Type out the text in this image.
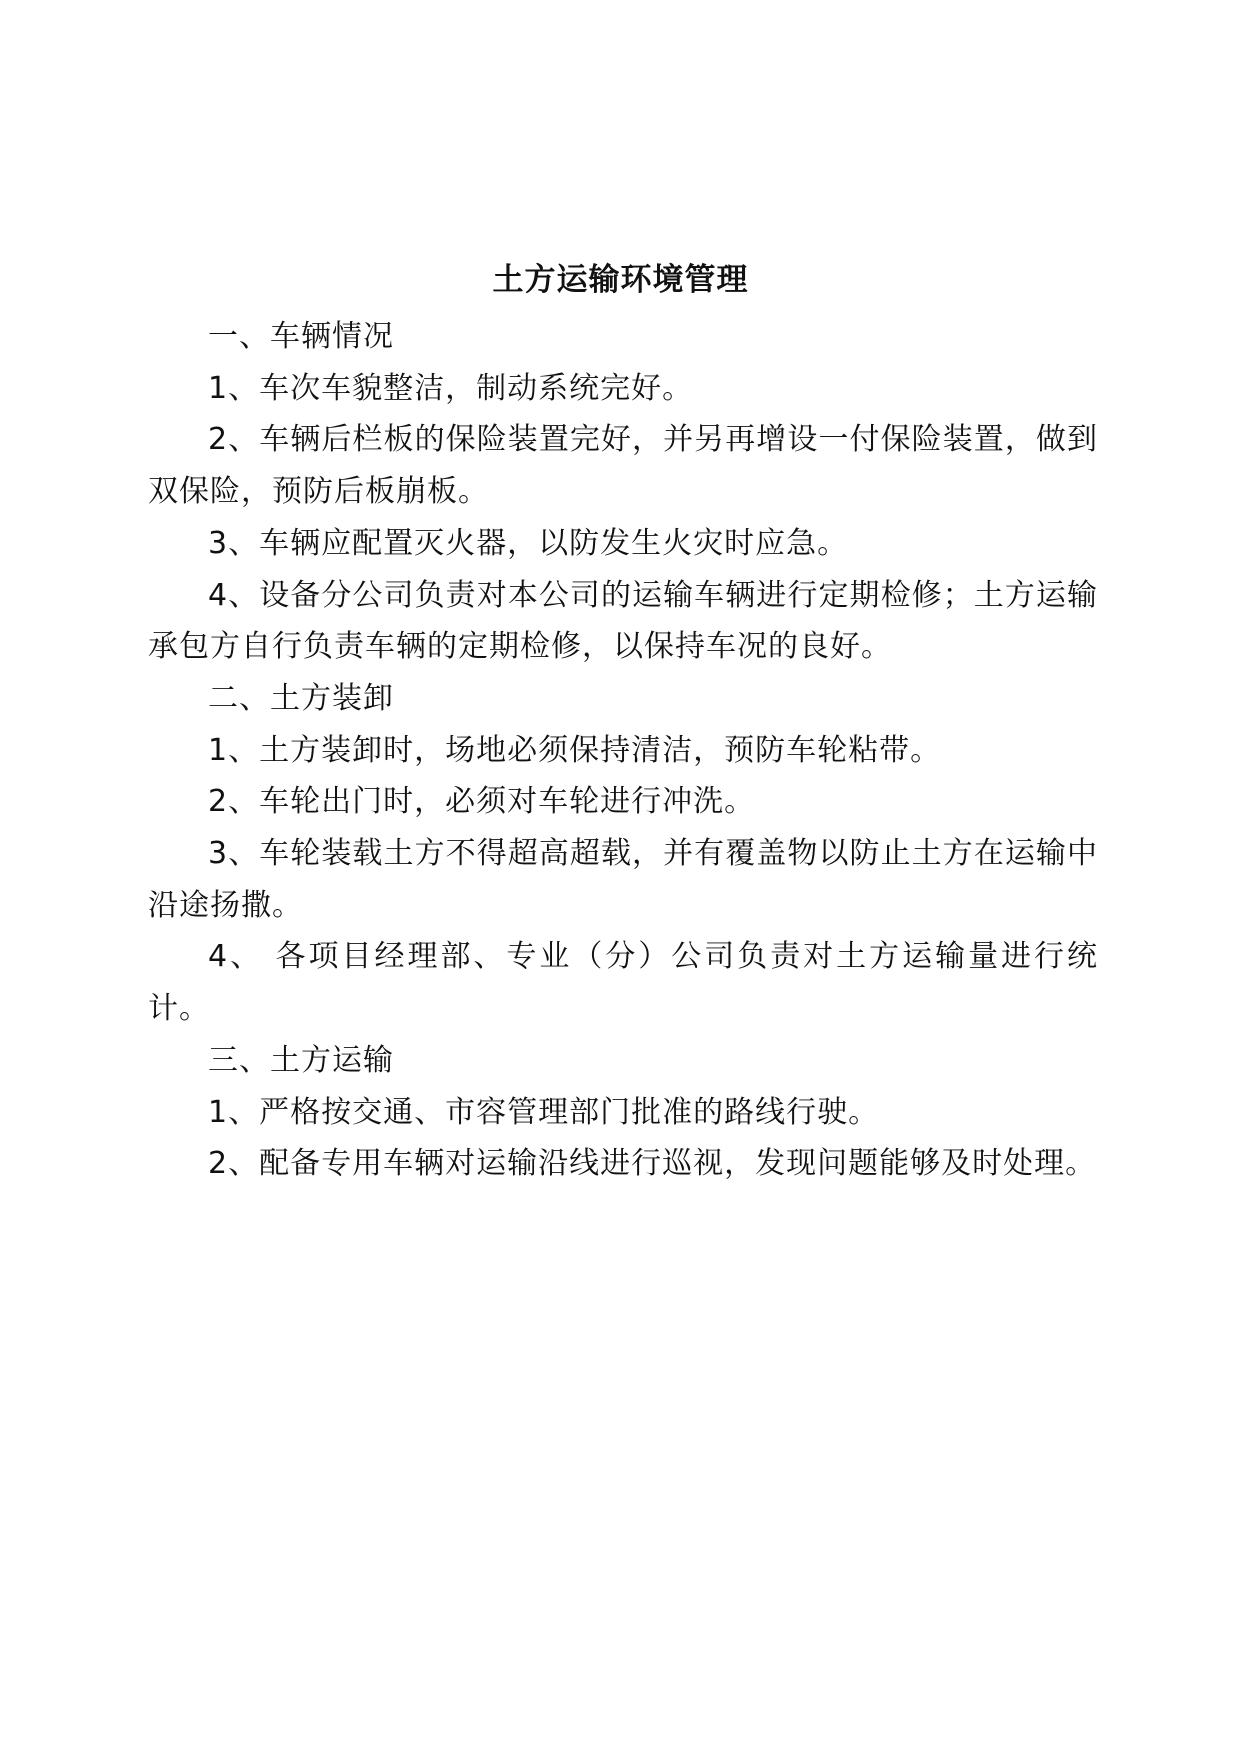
土方运输环境管理

一、车辆情况

1、车次车貌整洁，制动系统完好。

2、车辆后栏板的保险装置完好，并另再增设一付保险装置，做到双保险，预防后板崩板。

3、车辆应配置灭火器，以防发生火灾时应急。

4、设备分公司负责对本公司的运输车辆进行定期检修；土方运输承包方自行负责车辆的定期检修，以保持车况的良好。

二、土方装卸

1、土方装卸时，场地必须保持清洁，预防车轮粘带。

2、车轮出门时，必须对车轮进行冲洗。

3、车轮装载土方不得超高超载，并有覆盖物以防止土方在运输中沿途扬撒。

4、 各项目经理部、专业（分）公司负责对土方运输量进行统计。

三、土方运输

1、严格按交通、市容管理部门批准的路线行驶。

2、配备专用车辆对运输沿线进行巡视，发现问题能够及时处理。
